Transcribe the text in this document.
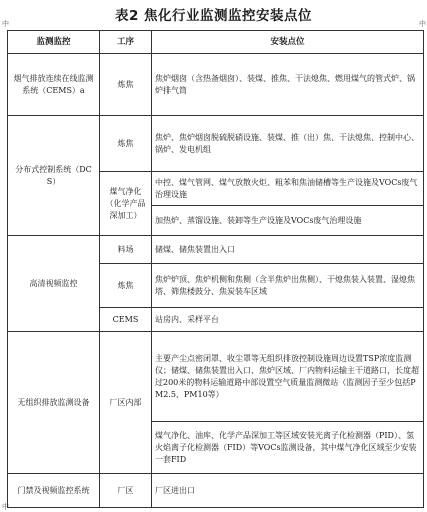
中	中
中
表2 焦化行业监测监控安装点位
监测监控	工序	安装点位
烟气排放连续在线监测系统（CEMS）a	炼焦	焦炉烟囱（含热备烟囱）、装煤、推焦、干法熄焦、燃用煤气的管式炉、锅炉排气筒
分布式控制系统（DCS）	炼焦	焦炉、焦炉烟囱脱硫脱硝设施、装煤、推（出）焦、干法熄焦、控制中心、锅炉、发电机组
	煤气净化（化学产品深加工）	中控、煤气管网、煤气放散火炬、粗苯和焦油储槽等生产设施及VOCs废气治理设施
		加热炉、蒸馏设施、装卸等生产设施及VOCs废气治理设施
高清视频监控	料场	储煤、储焦装置出入口
	炼焦	焦炉炉顶、焦炉机侧和焦侧（含半焦炉出焦侧）、干熄焦装入装置、湿熄焦塔、筛焦楼鼓分、焦炭装车区域
	CEMS	站房内、采样平台
无组织排放监测设备	厂区内部	主要产尘点密闭罩、收尘罩等无组织排放控制设施周边设置TSP浓度监测仪；储煤、储焦装置出入口、焦炉区域、厂内物料运输主干道路口，长度超过200米的物料运输道路中部设置空气质量监测微站（监测因子至少包括PM2.5、PM10等）
		煤气净化、油库、化学产品深加工等区域安装光离子化检测器（PID）、氢火焰离子化检测器（FID）等VOCs监测设备，其中煤气净化区域至少安装一套FID
门禁及视频监控系统	厂区	厂区进出口
